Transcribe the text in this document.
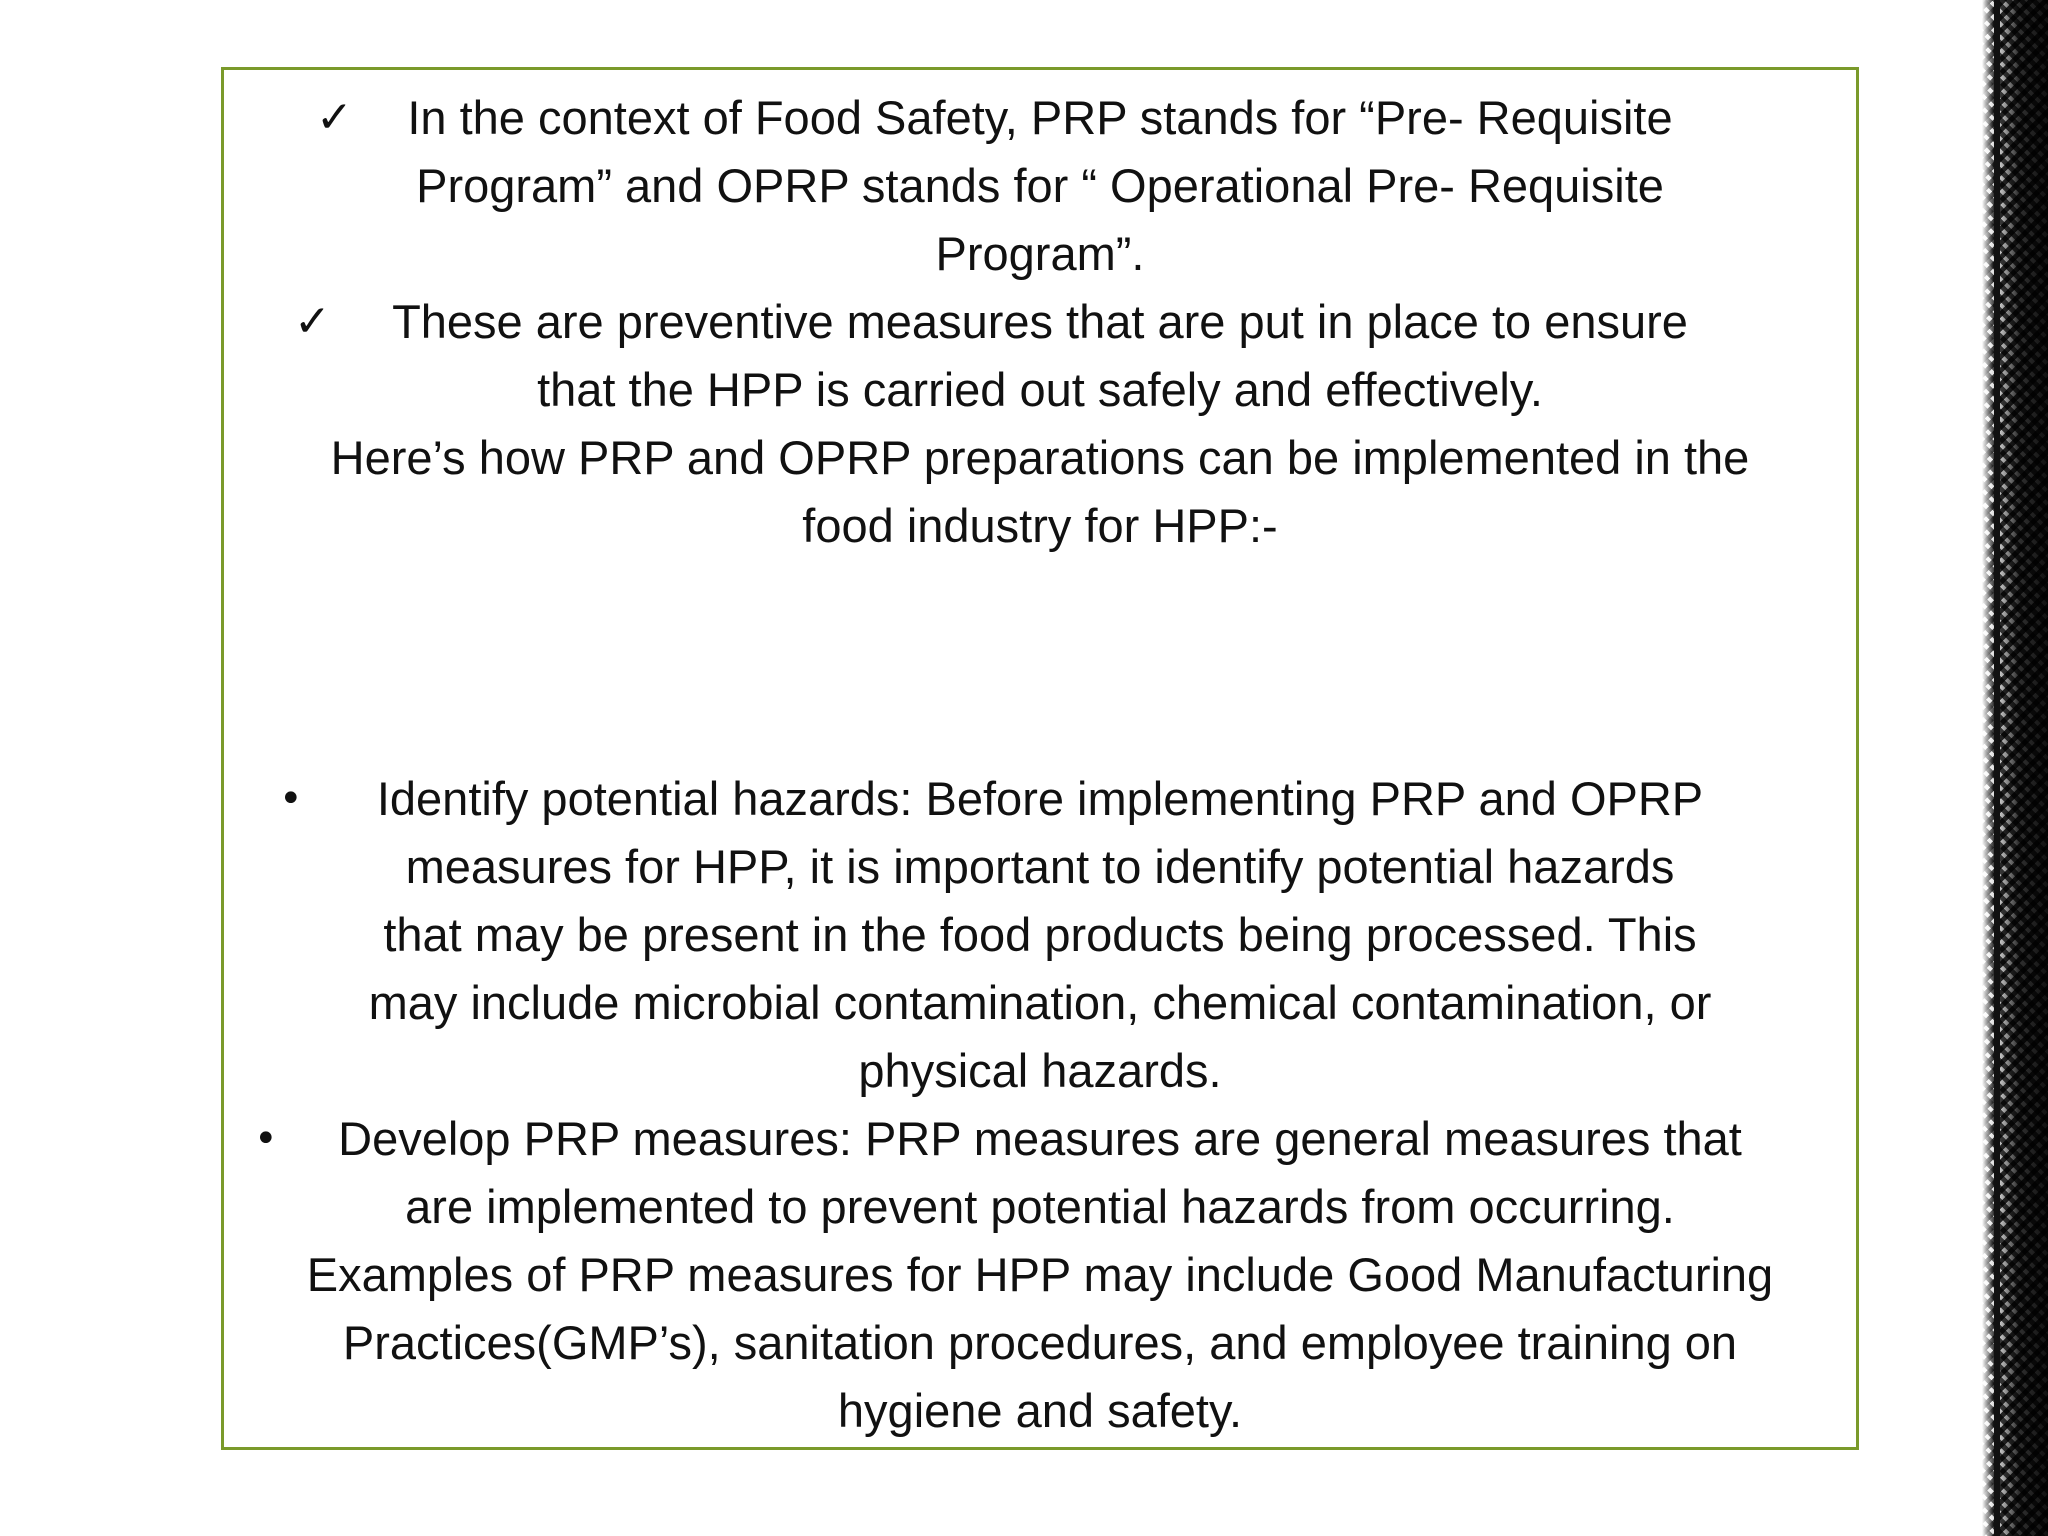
✓	In the context of Food Safety, PRP stands for “Pre- Requisite
Program” and OPRP stands for “ Operational Pre- Requisite
Program”.
✓	These are preventive measures that are put in place to ensure
that the HPP is carried out safely and effectively.
Here’s how PRP and OPRP preparations can be implemented in the
food industry for HPP:-
•	Identify potential hazards: Before implementing PRP and OPRP
measures for HPP, it is important to identify potential hazards
that may be present in the food products being processed. This
may include microbial contamination, chemical contamination, or
physical hazards.
•	Develop PRP measures: PRP measures are general measures that
are implemented to prevent potential hazards from occurring.
Examples of PRP measures for HPP may include Good Manufacturing
Practices(GMP’s), sanitation procedures, and employee training on
hygiene and safety.
